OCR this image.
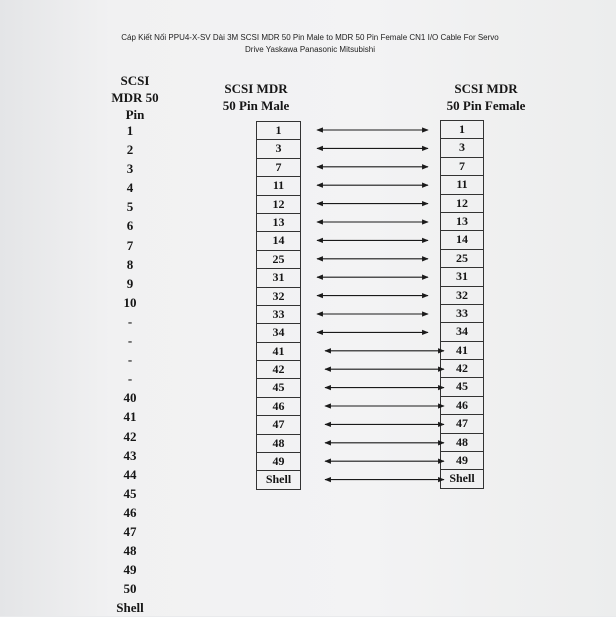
Cáp Kiết Nối PPU4-X-SV Dài 3M SCSI MDR 50 Pin Male to MDR 50 Pin Female CN1 I/O Cable For Servo
Drive Yaskawa Panasonic Mitsubishi
SCSI
MDR 50
Pin
SCSI MDR
50 Pin Male
SCSI MDR
50 Pin Female
1
2
3
4
5
6
7
8
9
10
-
-
-
-
40
41
42
43
44
45
46
47
48
49
50
Shell
1
3
7
11
12
13
14
25
31
32
33
34
41
42
45
46
47
48
49
Shell
1
3
7
11
12
13
14
25
31
32
33
34
41
42
45
46
47
48
49
Shell
